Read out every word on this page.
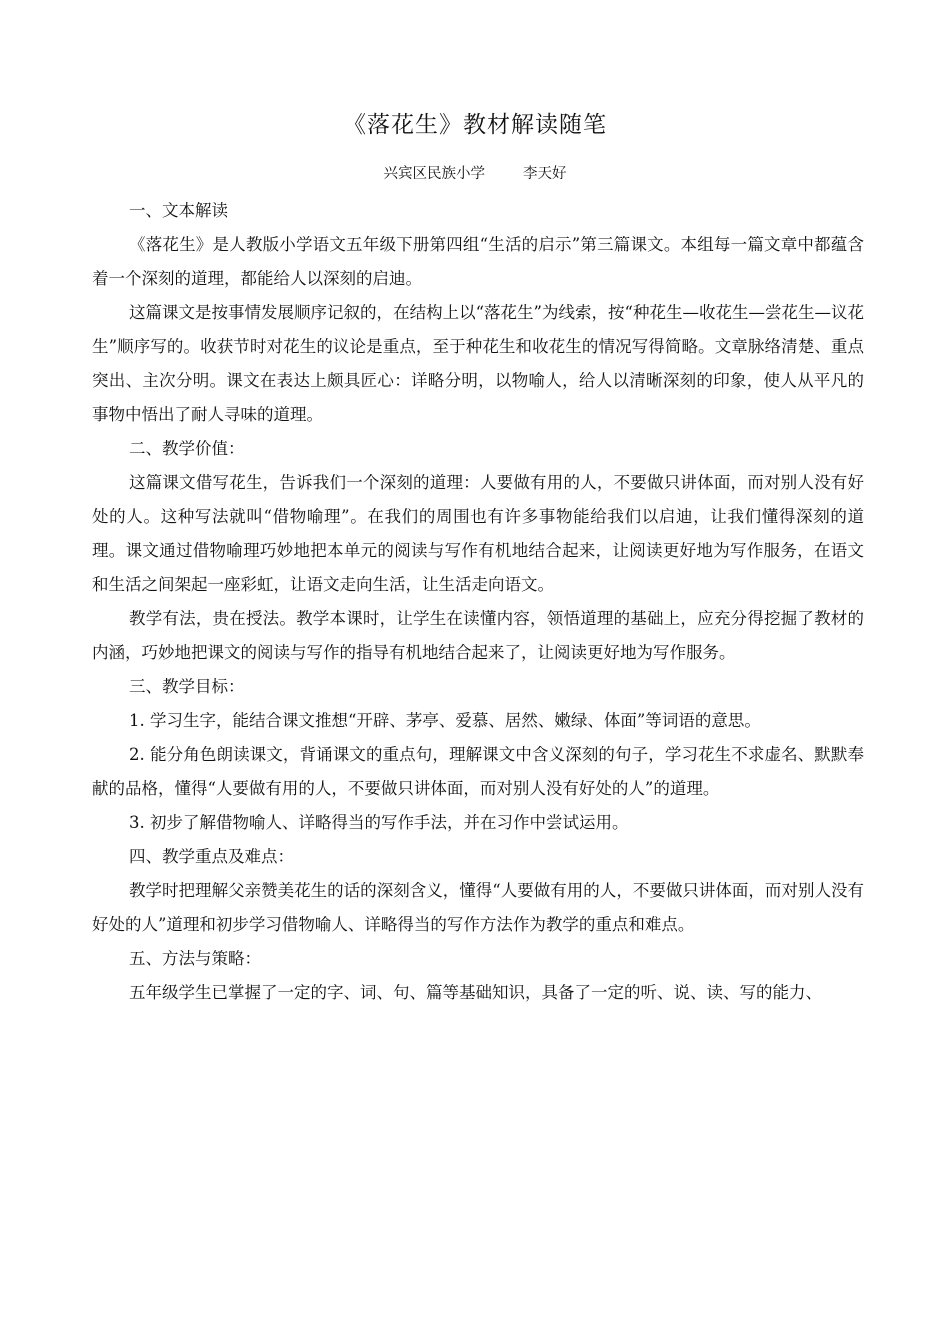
《落花生》教材解读随笔
兴宾区民族小学	李天好

一、文本解读

《落花生》是人教版小学语文五年级下册第四组“生活的启示”第三篇课文。本组每一篇文章中都蕴含着一个深刻的道理，都能给人以深刻的启迪。

这篇课文是按事情发展顺序记叙的，在结构上以“落花生”为线索，按“种花生—收花生—尝花生—议花生”顺序写的。收获节时对花生的议论是重点，至于种花生和收花生的情况写得简略。文章脉络清楚、重点突出、主次分明。课文在表达上颇具匠心：详略分明，以物喻人，给人以清晰深刻的印象，使人从平凡的事物中悟出了耐人寻味的道理。

二、教学价值：

这篇课文借写花生，告诉我们一个深刻的道理：人要做有用的人，不要做只讲体面，而对别人没有好处的人。这种写法就叫“借物喻理”。在我们的周围也有许多事物能给我们以启迪，让我们懂得深刻的道理。课文通过借物喻理巧妙地把本单元的阅读与写作有机地结合起来，让阅读更好地为写作服务，在语文和生活之间架起一座彩虹，让语文走向生活，让生活走向语文。

教学有法，贵在授法。教学本课时，让学生在读懂内容，领悟道理的基础上，应充分得挖掘了教材的内涵，巧妙地把课文的阅读与写作的指导有机地结合起来了，让阅读更好地为写作服务。

三、教学目标：

1. 学习生字，能结合课文推想“开辟、茅亭、爱慕、居然、嫩绿、体面”等词语的意思。

2. 能分角色朗读课文，背诵课文的重点句，理解课文中含义深刻的句子，学习花生不求虚名、默默奉献的品格，懂得“人要做有用的人，不要做只讲体面，而对别人没有好处的人”的道理。

3. 初步了解借物喻人、详略得当的写作手法，并在习作中尝试运用。

四、教学重点及难点：

教学时把理解父亲赞美花生的话的深刻含义，懂得“人要做有用的人，不要做只讲体面，而对别人没有好处的人”道理和初步学习借物喻人、详略得当的写作方法作为教学的重点和难点。

五、方法与策略：

五年级学生已掌握了一定的字、词、句、篇等基础知识，具备了一定的听、说、读、写的能力、
